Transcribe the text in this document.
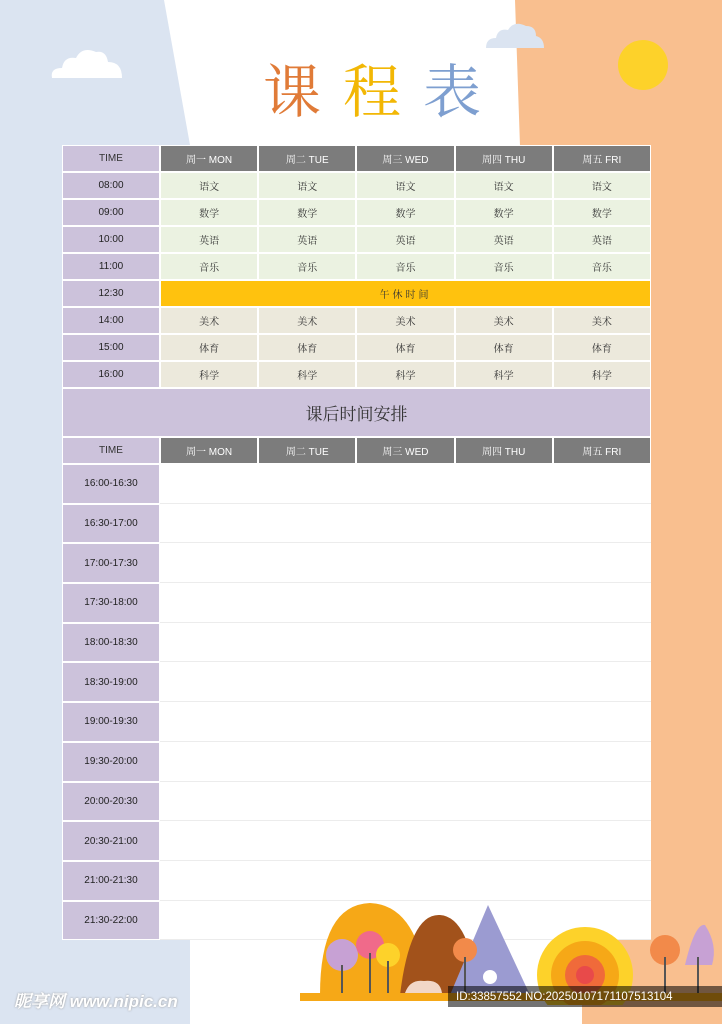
课程表
TIME	周一 MON	周二 TUE	周三 WED	周四 THU	周五 FRI
08:00	语文	语文	语文	语文	语文
09:00	数学	数学	数学	数学	数学
10:00	英语	英语	英语	英语	英语
11:00	音乐	音乐	音乐	音乐	音乐
12:30	午休时间
14:00	美术	美术	美术	美术	美术
15:00	体育	体育	体育	体育	体育
16:00	科学	科学	科学	科学	科学
课后时间安排
TIME	周一 MON	周二 TUE	周三 WED	周四 THU	周五 FRI
16:00-16:30
16:30-17:00
17:00-17:30
17:30-18:00
18:00-18:30
18:30-19:00
19:00-19:30
19:30-20:00
20:00-20:30
20:30-21:00
21:00-21:30
21:30-22:00
昵享网 www.nipic.cn	ID:33857552 NO:20250107171107513104
